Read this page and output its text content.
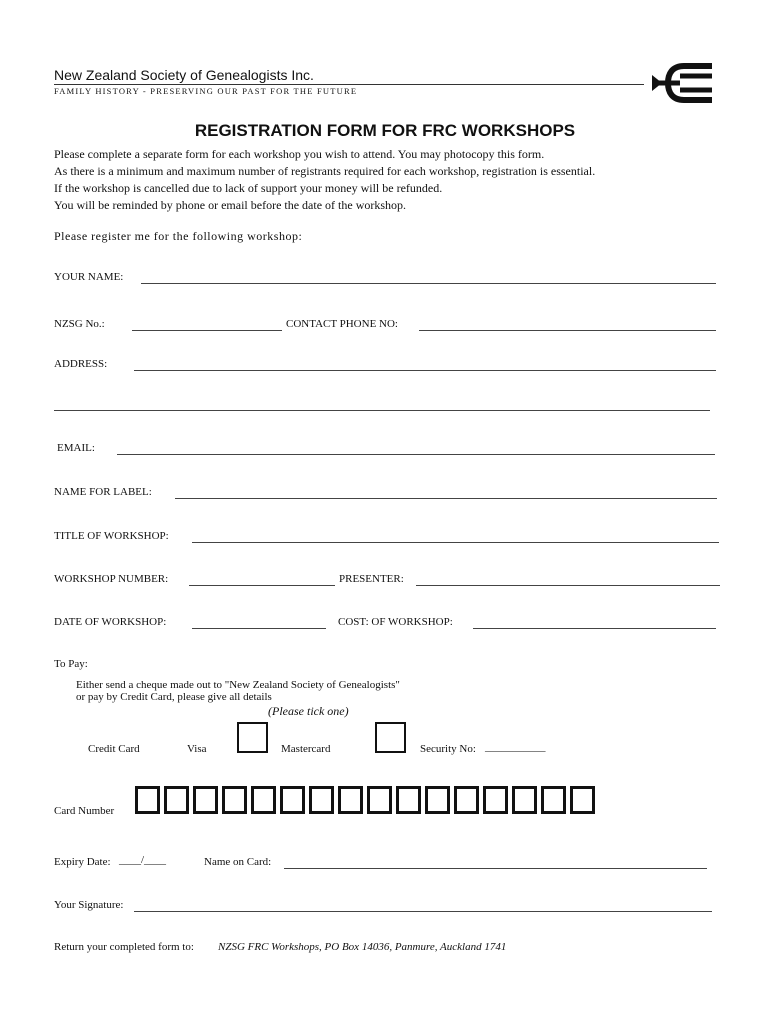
New Zealand Society of Genealogists Inc.
FAMILY HISTORY - PRESERVING OUR PAST FOR THE FUTURE
REGISTRATION FORM FOR FRC WORKSHOPS
Please complete a separate form for each workshop you wish to attend. You may photocopy this form.
As there is a minimum and maximum number of registrants required for each workshop, registration is essential.
If the workshop is cancelled due to lack of support your money will be refunded.
You will be reminded by phone or email before the date of the workshop.
Please register me for the following workshop:
YOUR NAME:
NZSG No.:	CONTACT PHONE NO:
ADDRESS:
EMAIL:
NAME FOR LABEL:
TITLE OF WORKSHOP:
WORKSHOP NUMBER:	PRESENTER:
DATE OF WORKSHOP:	COST: OF WORKSHOP:
To Pay:
Either send a cheque made out to "New Zealand Society of Genealogists"
or pay by Credit Card, please give all details
(Please tick one)
Credit Card	Visa	Mastercard	Security No: ___________
Card Number
Expiry Date: ____/____	Name on Card:
Your Signature:
Return your completed form to: NZSG FRC Workshops, PO Box 14036, Panmure, Auckland 1741
